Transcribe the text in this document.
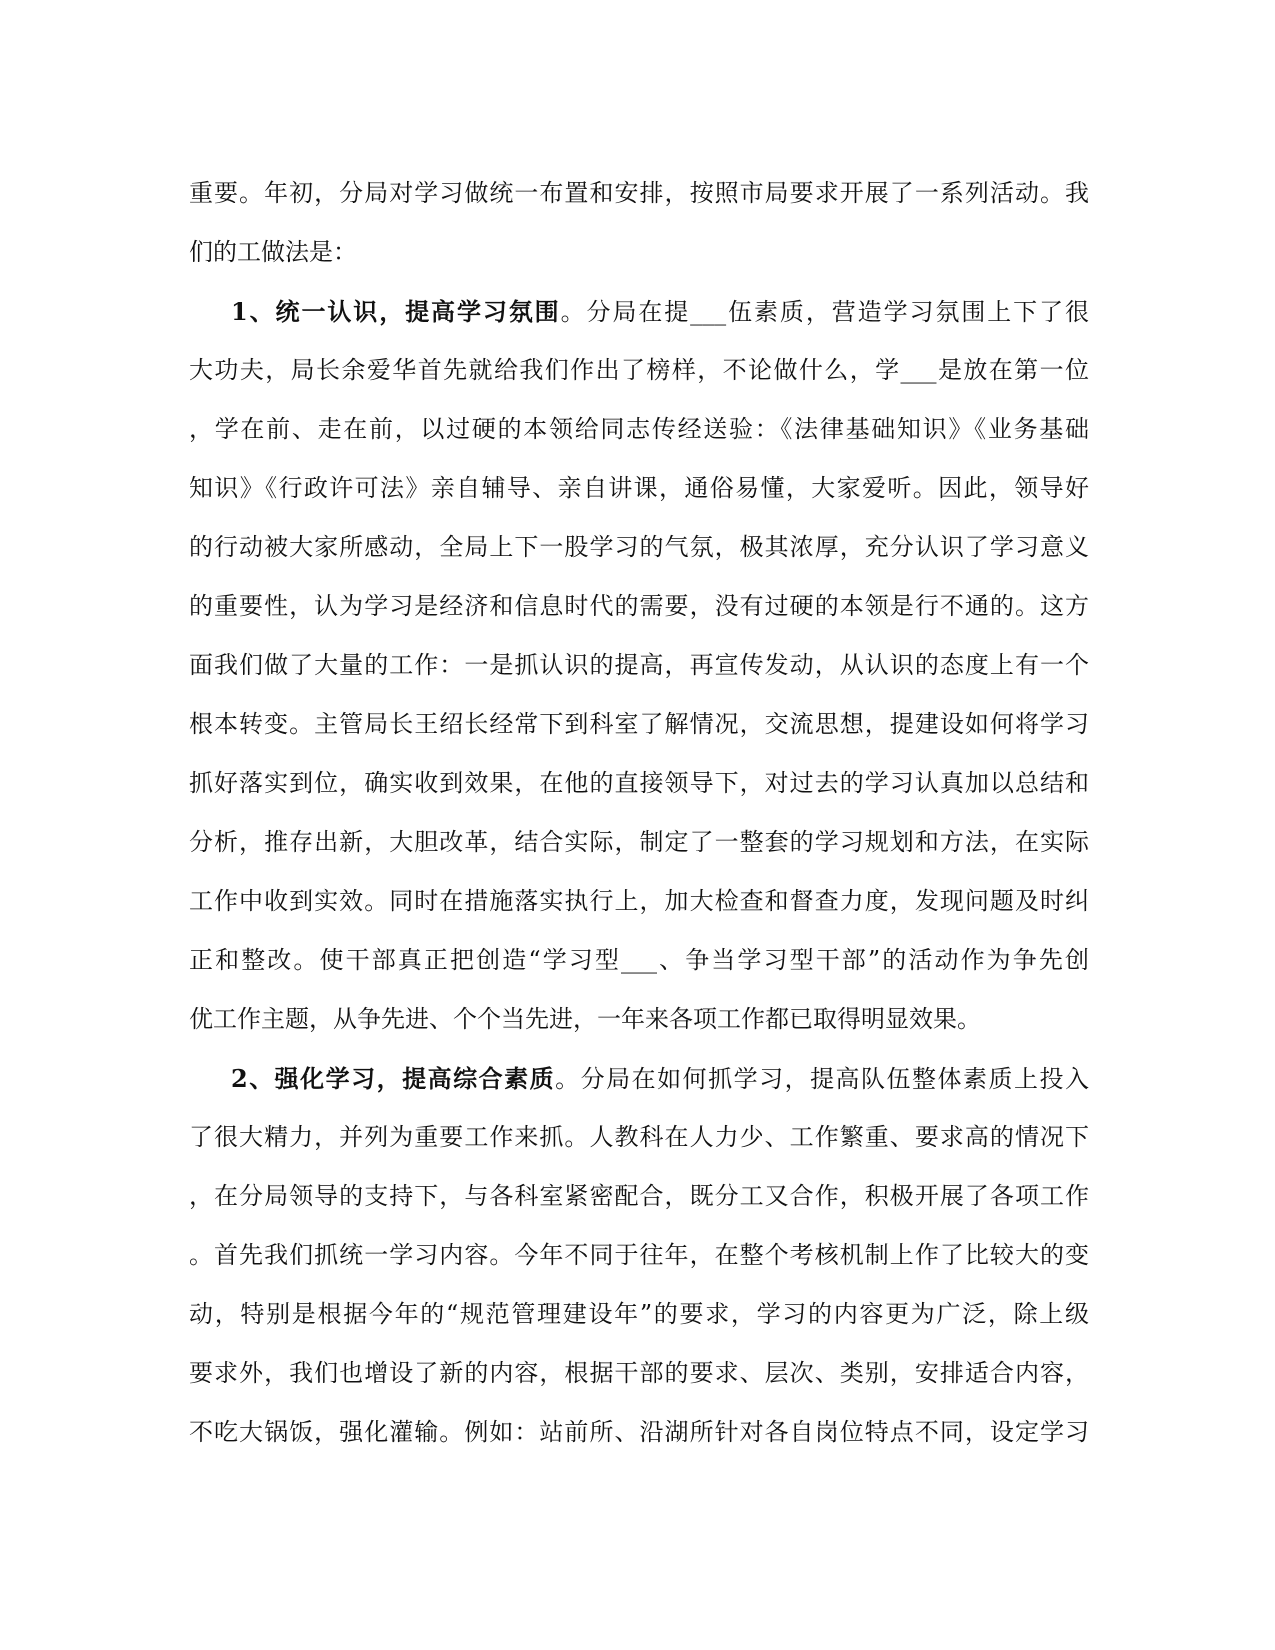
重要。年初，分局对学习做统一布置和安排，按照市局要求开展了一系列活动。我
们的工做法是：
1、统一认识，提高学习氛围。分局在提___伍素质，营造学习氛围上下了很
大功夫，局长余爱华首先就给我们作出了榜样，不论做什么，学___是放在第一位
，学在前、走在前，以过硬的本领给同志传经送验：《法律基础知识》《业务基础
知识》《行政许可法》亲自辅导、亲自讲课，通俗易懂，大家爱听。因此，领导好
的行动被大家所感动，全局上下一股学习的气氛，极其浓厚，充分认识了学习意义
的重要性，认为学习是经济和信息时代的需要，没有过硬的本领是行不通的。这方
面我们做了大量的工作：一是抓认识的提高，再宣传发动，从认识的态度上有一个
根本转变。主管局长王绍长经常下到科室了解情况，交流思想，提建设如何将学习
抓好落实到位，确实收到效果，在他的直接领导下，对过去的学习认真加以总结和
分析，推存出新，大胆改革，结合实际，制定了一整套的学习规划和方法，在实际
工作中收到实效。同时在措施落实执行上，加大检查和督查力度，发现问题及时纠
正和整改。使干部真正把创造“学习型___、争当学习型干部”的活动作为争先创
优工作主题，从争先进、个个当先进，一年来各项工作都已取得明显效果。
2、强化学习，提高综合素质。分局在如何抓学习，提高队伍整体素质上投入
了很大精力，并列为重要工作来抓。人教科在人力少、工作繁重、要求高的情况下
，在分局领导的支持下，与各科室紧密配合，既分工又合作，积极开展了各项工作
。首先我们抓统一学习内容。今年不同于往年，在整个考核机制上作了比较大的变
动，特别是根据今年的“规范管理建设年”的要求，学习的内容更为广泛，除上级
要求外，我们也增设了新的内容，根据干部的要求、层次、类别，安排适合内容，
不吃大锅饭，强化灌输。例如：站前所、沿湖所针对各自岗位特点不同，设定学习
